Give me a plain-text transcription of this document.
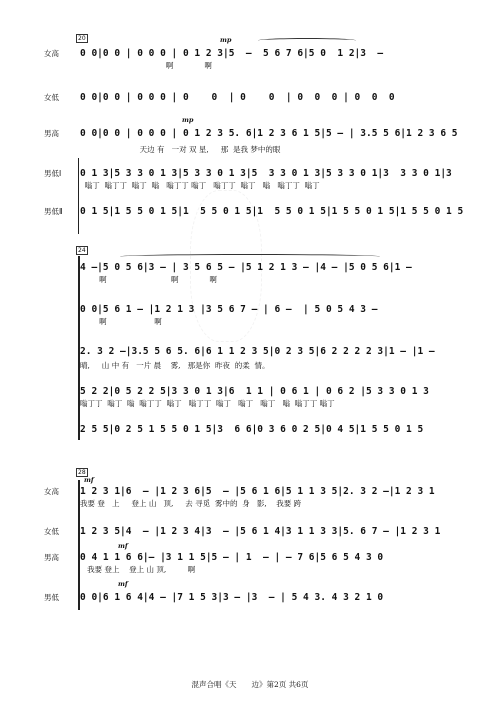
20	mp
女高	0 0|0 0 | 0 0 0 | 0 1 2 3|5  –  5 6 7 6|5 0  1 2|3  –
啊             啊
女低	0 0|0 0 | 0 0 0 | 0    0  | 0    0  | 0  0  0 | 0  0  0
mp
男高	0 0|0 0 | 0 0 0 | 0 1 2 3 5. 6|1 2 3 6 1 5|5 – | 3.5 5 6|1 2 3 6 5
天边 有   一对 双 星,     那  是我 梦中的眼
男低Ⅰ	0 1 3|5 3 3 0 1 3|5 3 3 0 1 3|5  3 3 0 1 3|5 3 3 0 1|3  3 3 0 1|3
嗡丁  嗡丁丁  嗡丁  嗡   嗡丁丁 嗡丁   嗡丁丁  嗡丁   嗡   嗡丁丁  嗡丁
男低Ⅱ	0 1 5|1 5 5 0 1 5|1  5 5 0 1 5|1  5 5 0 1 5|1 5 5 0 1 5|1 5 5 0 1 5
24
4 –|5 0 5 6|3 – | 3 5 6 5 – |5 1 2 1 3 – |4 – |5 0 5 6|1 –
啊                           啊             啊
0 0|5 6 1 – |1 2 1 3 |3 5 6 7 – | 6 –  | 5 0 5 4 3 –
啊                    啊
2. 3 2 –|3.5 5 6 5. 6|6 1 1 2 3 5|0 2 3 5|6 2 2 2 2 3|1 – |1 –
晴,     山 中 有   一片 晨    雾,   那是你  昨夜  的柔  情。
5 2 2|0 5 2 2 5|3 3 0 1 3|6  1 1 | 0 6 1 | 0 6 2 |5 3 3 0 1 3
嗡丁丁  嗡丁  嗡  嗡丁丁  嗡丁   嗡丁丁  嗡丁   嗡丁   嗡丁   嗡  嗡丁丁 嗡丁
2 5 5|0 2 5 1 5 5 0 1 5|3  6 6|0 3 6 0 2 5|0 4 5|1 5 5 0 1 5
28
mf
女高	1 2 3 1|6  – |1 2 3 6|5  – |5 6 1 6|5 1 1 3 5|2. 3 2 –|1 2 3 1
我要 登   上     登上 山   顶,     去 寻觅  雾中的  身   影,    我要 跨
女低	1 2 3 5|4  – |1 2 3 4|3  – |5 6 1 4|3 1 1 3 3|5. 6 7 – |1 2 3 1
mf
男高	0 4 1 1 6 6|– |3 1 1 5|5 – | 1  – | – 7 6|5 6 5 4 3 0
我要 登上    登上 山 顶,         啊
mf
男低	0 0|6 1 6 4|4 – |7 1 5 3|3 – |3  – | 5 4 3. 4 3 2 1 0
混声合唱《天　　边》第2页 共6页
